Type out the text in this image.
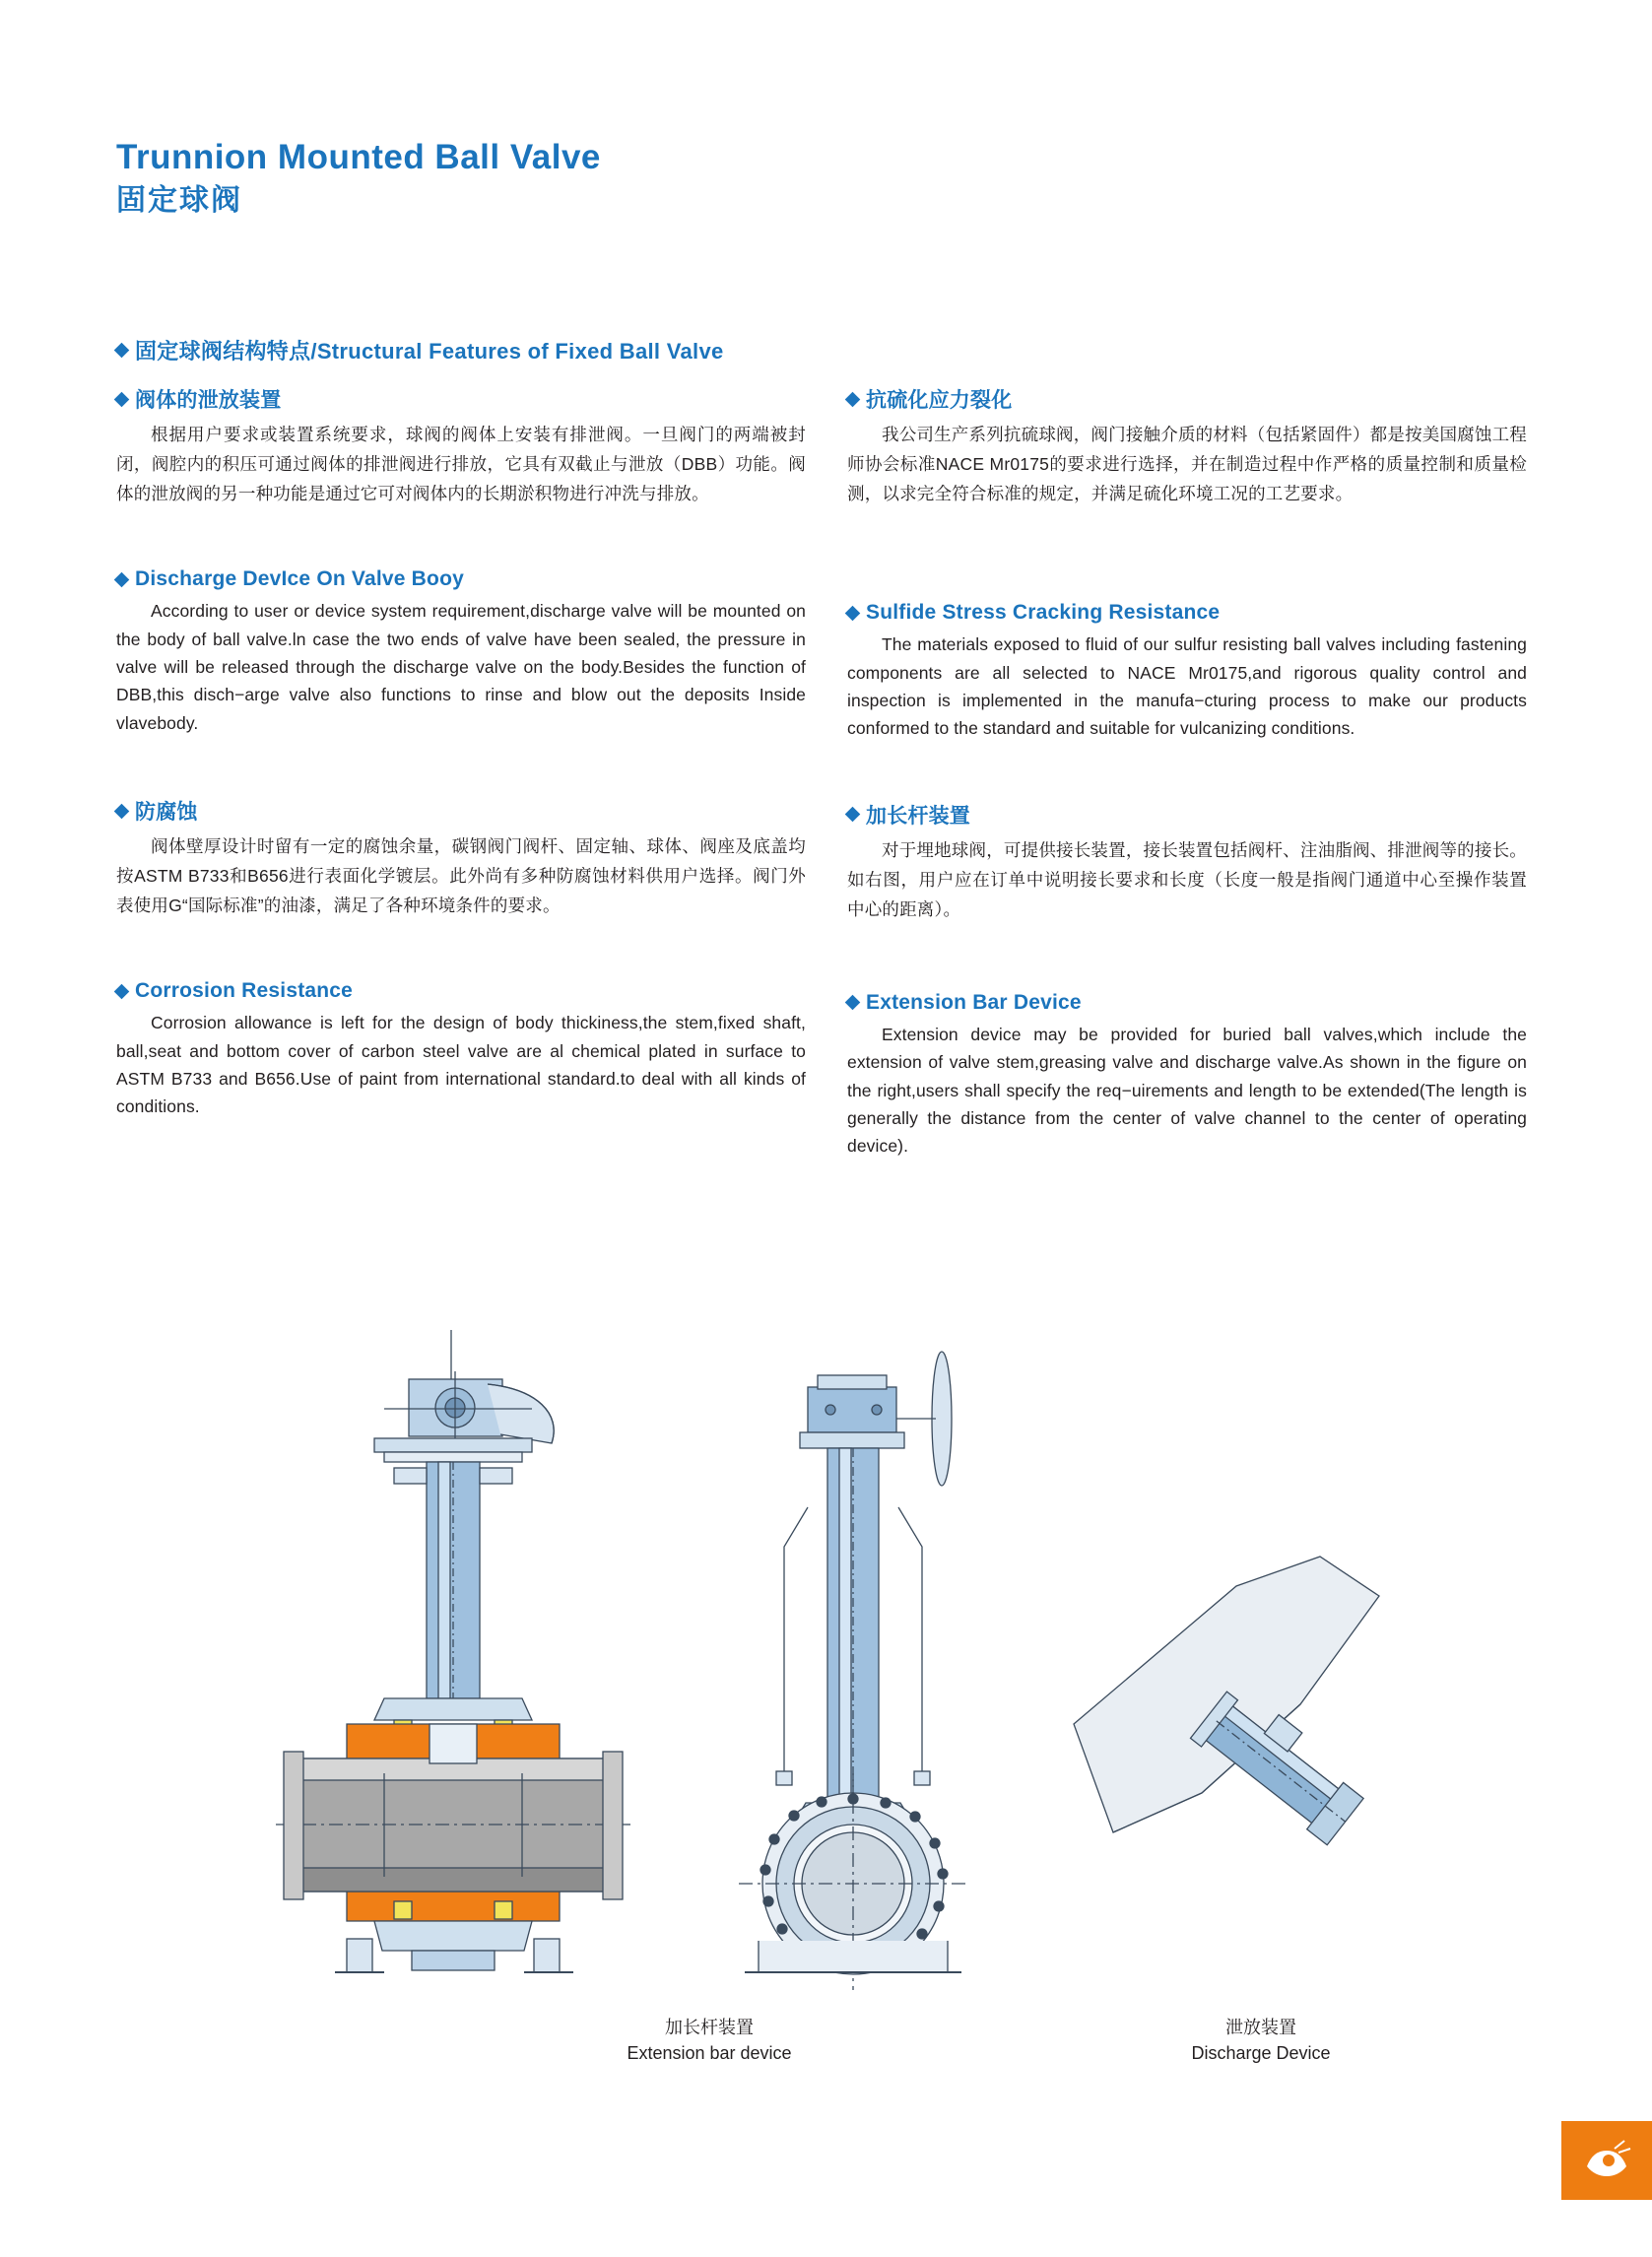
Trunnion Mounted Ball Valve
固定球阀
固定球阀结构特点/Structural Features of Fixed Ball Valve
阀体的泄放装置

根据用户要求或装置系统要求，球阀的阀体上安装有排泄阀。一旦阀门的两端被封闭，阀腔内的积压可通过阀体的排泄阀进行排放，它具有双截止与泄放（DBB）功能。阀体的泄放阀的另一种功能是通过它可对阀体内的长期淤积物进行冲洗与排放。

Discharge DevIce On Valve Booy

According to user or device system requirement,discharge valve will be mounted on the body of ball valve.ln case the two ends of valve have been sealed, the pressure in valve will be released through the discharge valve on the body.Besides the function of DBB,this disch−arge valve also functions to rinse and blow out the deposits Inside vlavebody.

防腐蚀

阀体壁厚设计时留有一定的腐蚀余量，碳钢阀门阀杆、固定轴、球体、阀座及底盖均按ASTM B733和B656进行表面化学镀层。此外尚有多种防腐蚀材料供用户选择。阀门外表使用G“国际标准”的油漆，满足了各种环境条件的要求。

Corrosion Resistance

Corrosion allowance is left for the design of body thickiness,the stem,fixed shaft, ball,seat and bottom cover of carbon steel valve are al chemical plated in surface to ASTM B733 and B656.Use of paint from international standard.to deal with all kinds of conditions.

抗硫化应力裂化

我公司生产系列抗硫球阀，阀门接触介质的材料（包括紧固件）都是按美国腐蚀工程师协会标准NACE Mr0175的要求进行选择，并在制造过程中作严格的质量控制和质量检测，以求完全符合标准的规定，并满足硫化环境工况的工艺要求。

Sulfide Stress Cracking Resistance

The materials exposed to fluid of our sulfur resisting ball valves including fastening components are all selected to NACE Mr0175,and rigorous quality control and inspection is implemented in the manufa−cturing process to make our products conformed to the standard and suitable for vulcanizing conditions.

加长杆装置

对于埋地球阀，可提供接长装置，接长装置包括阀杆、注油脂阀、排泄阀等的接长。如右图，用户应在订单中说明接长要求和长度（长度一般是指阀门通道中心至操作装置中心的距离）。

Extension Bar Device

Extension device may be provided for buried ball valves,which include the extension of valve stem,greasing valve and discharge valve.As shown in the figure on the right,users shall specify the req−uirements and length to be extended(The length is generally the distance from the center of valve channel to the center of operating device).

加长杆装置
Extension bar device
泄放装置
Discharge Device
